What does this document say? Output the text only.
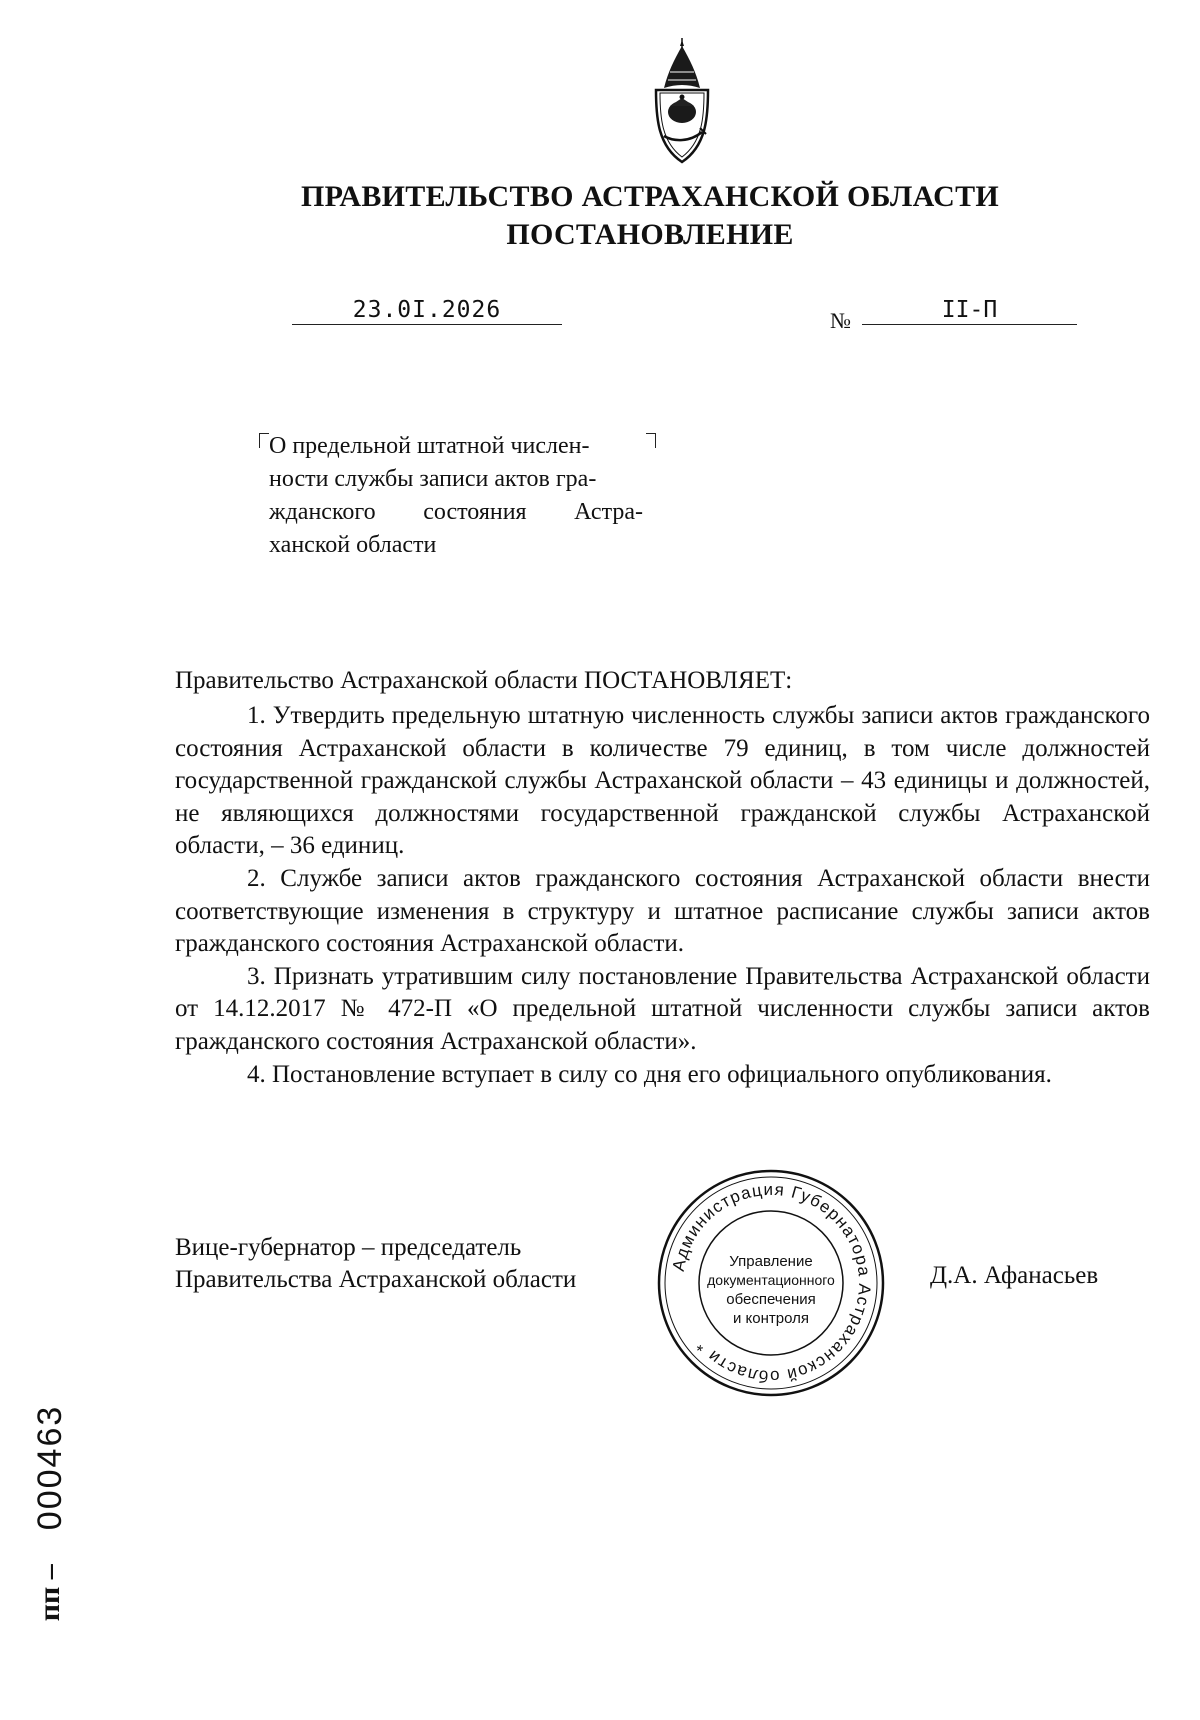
ПРАВИТЕЛЬСТВО АСТРАХАНСКОЙ ОБЛАСТИ
ПОСТАНОВЛЕНИЕ
23.0I.2026	№	II-П
О предельной штатной числен-
ности службы записи актов гра-
жданского состояния Астра-
ханской области
Правительство Астраханской области ПОСТАНОВЛЯЕТ:

1. Утвердить предельную штатную численность службы записи актов гражданского состояния Астраханской области в количестве 79 единиц, в том числе должностей государственной гражданской службы Астраханской области – 43 единицы и должностей, не являющихся должностями государственной гражданской службы Астраханской области, – 36 единиц.

2. Службе записи актов гражданского состояния Астраханской области внести соответствующие изменения в структуру и штатное расписание службы записи актов гражданского состояния Астраханской области.

3. Признать утратившим силу постановление Правительства Астраханской области от 14.12.2017 № 472-П «О предельной штатной численности службы записи актов гражданского состояния Астраханской области».

4. Постановление вступает в силу со дня его официального опубликования.

Вице-губернатор – председатель
Правительства Астраханской области
Администрация Губернатора Астраханской области *
Управление
документационного
обеспечения
и контроля
Д.А. Афанасьев
пп –
000463
